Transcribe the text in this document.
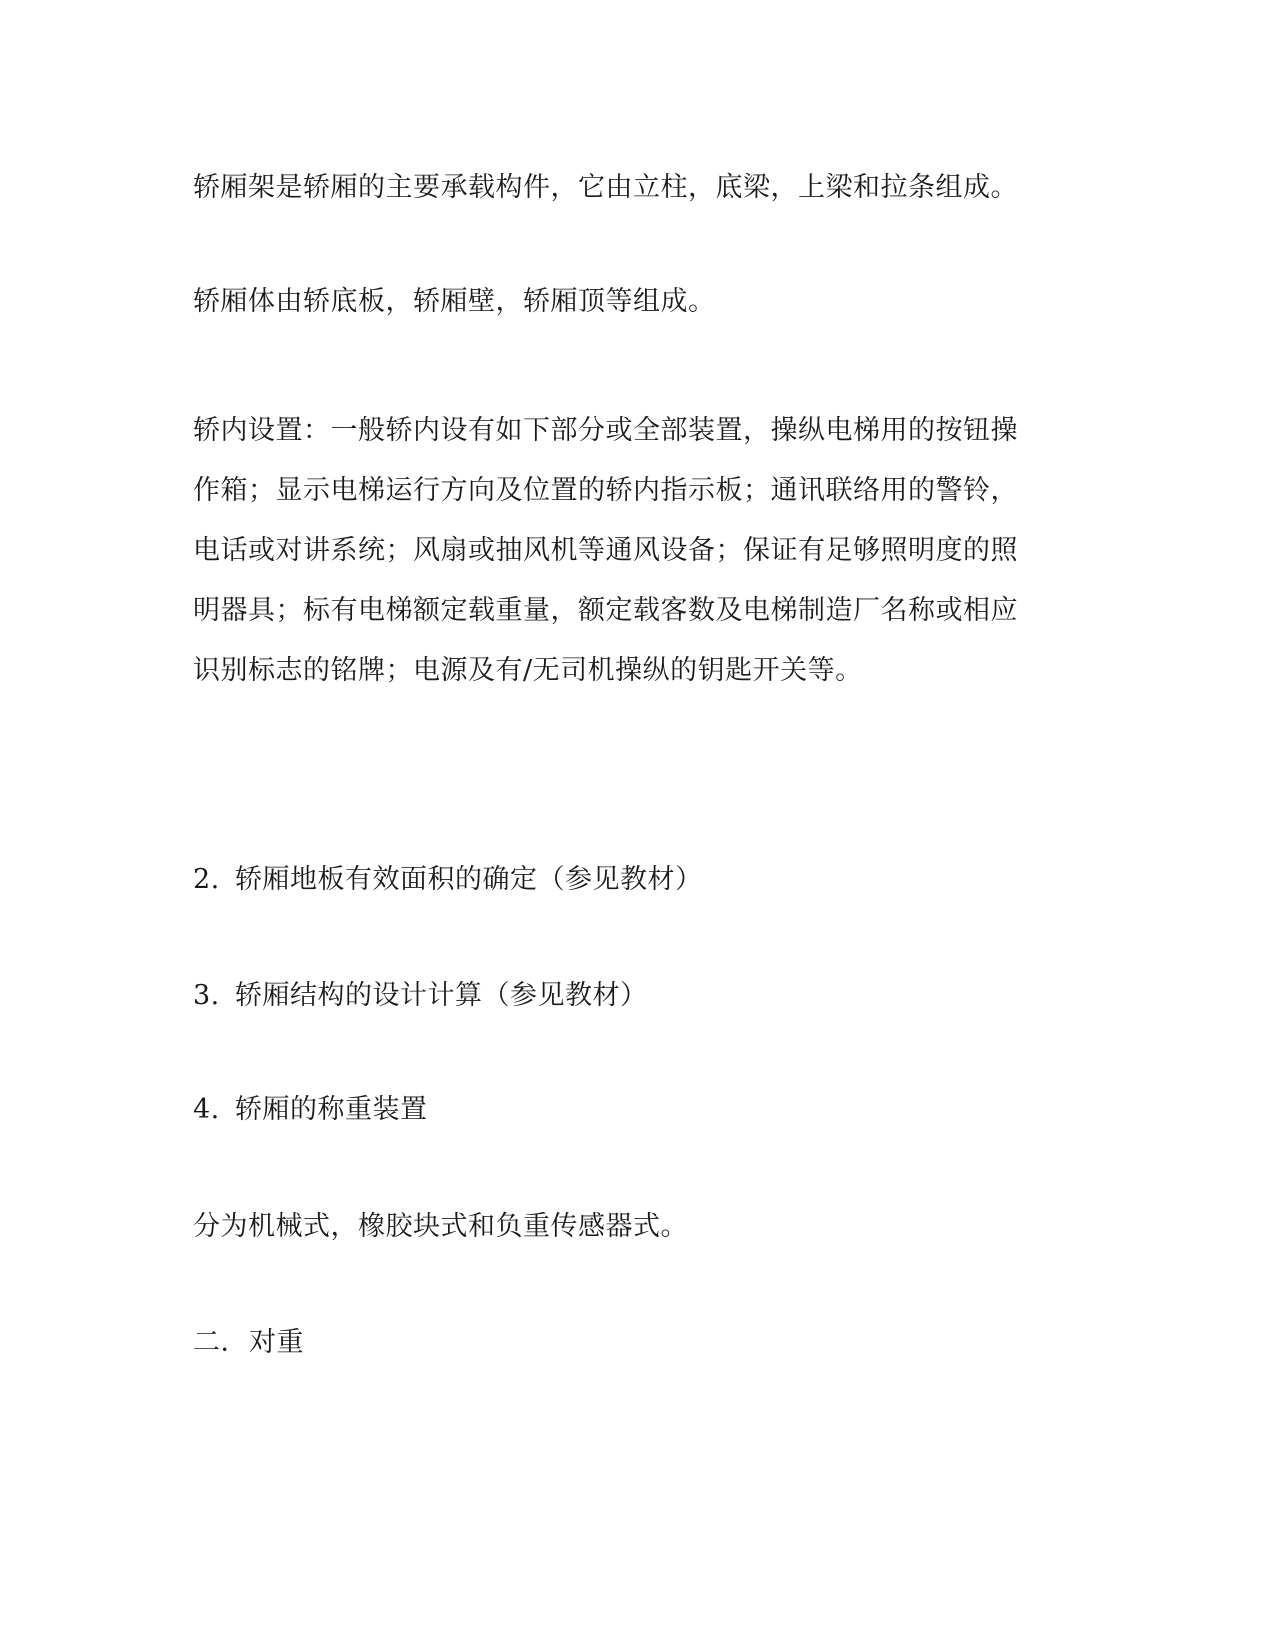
轿厢架是轿厢的主要承载构件，它由立柱，底梁，上梁和拉条组成。
轿厢体由轿底板，轿厢壁，轿厢顶等组成。
轿内设置：一般轿内设有如下部分或全部装置，操纵电梯用的按钮操
作箱；显示电梯运行方向及位置的轿内指示板；通讯联络用的警铃，
电话或对讲系统；风扇或抽风机等通风设备；保证有足够照明度的照
明器具；标有电梯额定载重量，额定载客数及电梯制造厂名称或相应
识别标志的铭牌；电源及有/无司机操纵的钥匙开关等。
2. 轿厢地板有效面积的确定（参见教材）
3. 轿厢结构的设计计算（参见教材）
4. 轿厢的称重装置
分为机械式，橡胶块式和负重传感器式。
二．对重
